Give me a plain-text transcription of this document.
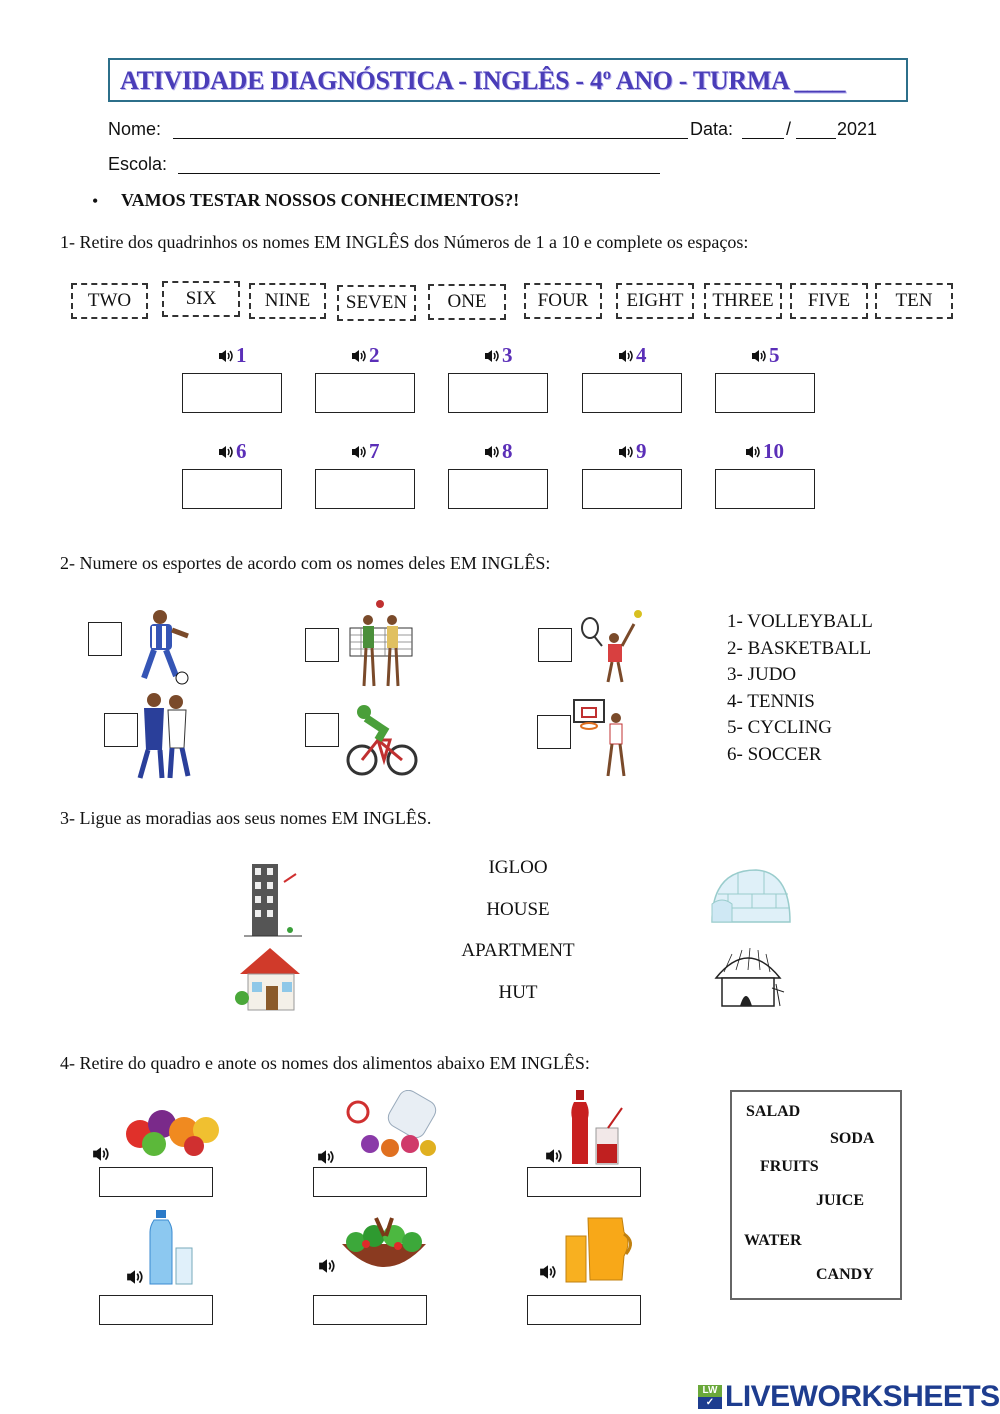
ATIVIDADE DIAGNÓSTICA - INGLÊS - 4º ANO - TURMA ____
Nome:	Data:	/	2021
Escola:
• VAMOS TESTAR NOSSOS CONHECIMENTOS?!
1- Retire dos quadrinhos os nomes EM INGLÊS dos Números de 1 a 10 e complete os espaços:
TWO	SIX	NINE	SEVEN	ONE	FOUR	EIGHT	THREE	FIVE	TEN
1	2	3	4	5
6	7	8	9	10
2- Numere os esportes de acordo com os nomes deles EM INGLÊS:
1- VOLLEYBALL
2- BASKETBALL
3- JUDO
4- TENNIS
5- CYCLING
6- SOCCER
3- Ligue as moradias aos seus nomes EM INGLÊS.
IGLOO
HOUSE
APARTMENT
HUT
4- Retire do quadro e anote os nomes dos alimentos abaixo EM INGLÊS:
SALAD
SODA
FRUITS
JUICE
WATER
CANDY
LW
✓ LIVEWORKSHEETS
